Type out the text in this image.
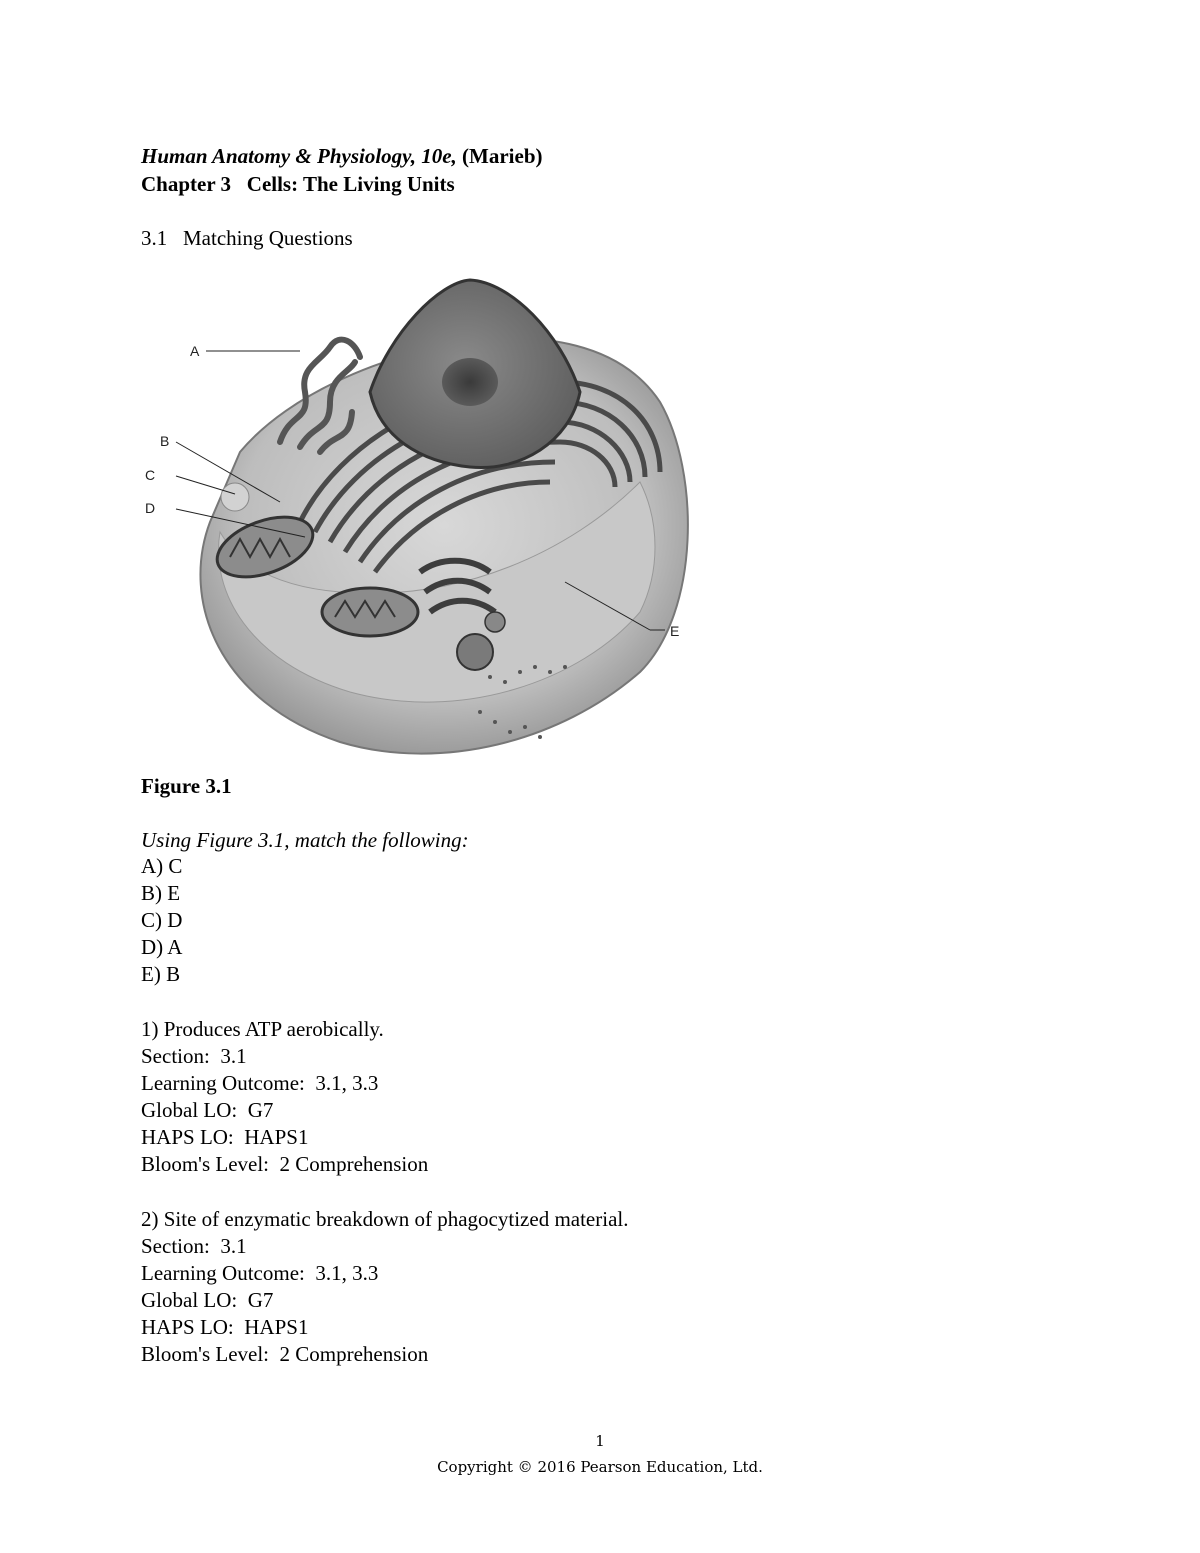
Human Anatomy & Physiology, 10e, (Marieb)
Chapter 3   Cells: The Living Units
3.1   Matching Questions
A
B
C
D
E
Figure 3.1
Using Figure 3.1, match the following:
A) C
B) E
C) D
D) A
E) B
1) Produces ATP aerobically.
Section:  3.1
Learning Outcome:  3.1, 3.3
Global LO:  G7
HAPS LO:  HAPS1
Bloom's Level:  2 Comprehension
2) Site of enzymatic breakdown of phagocytized material.
Section:  3.1
Learning Outcome:  3.1, 3.3
Global LO:  G7
HAPS LO:  HAPS1
Bloom's Level:  2 Comprehension
1
Copyright © 2016 Pearson Education, Ltd.
